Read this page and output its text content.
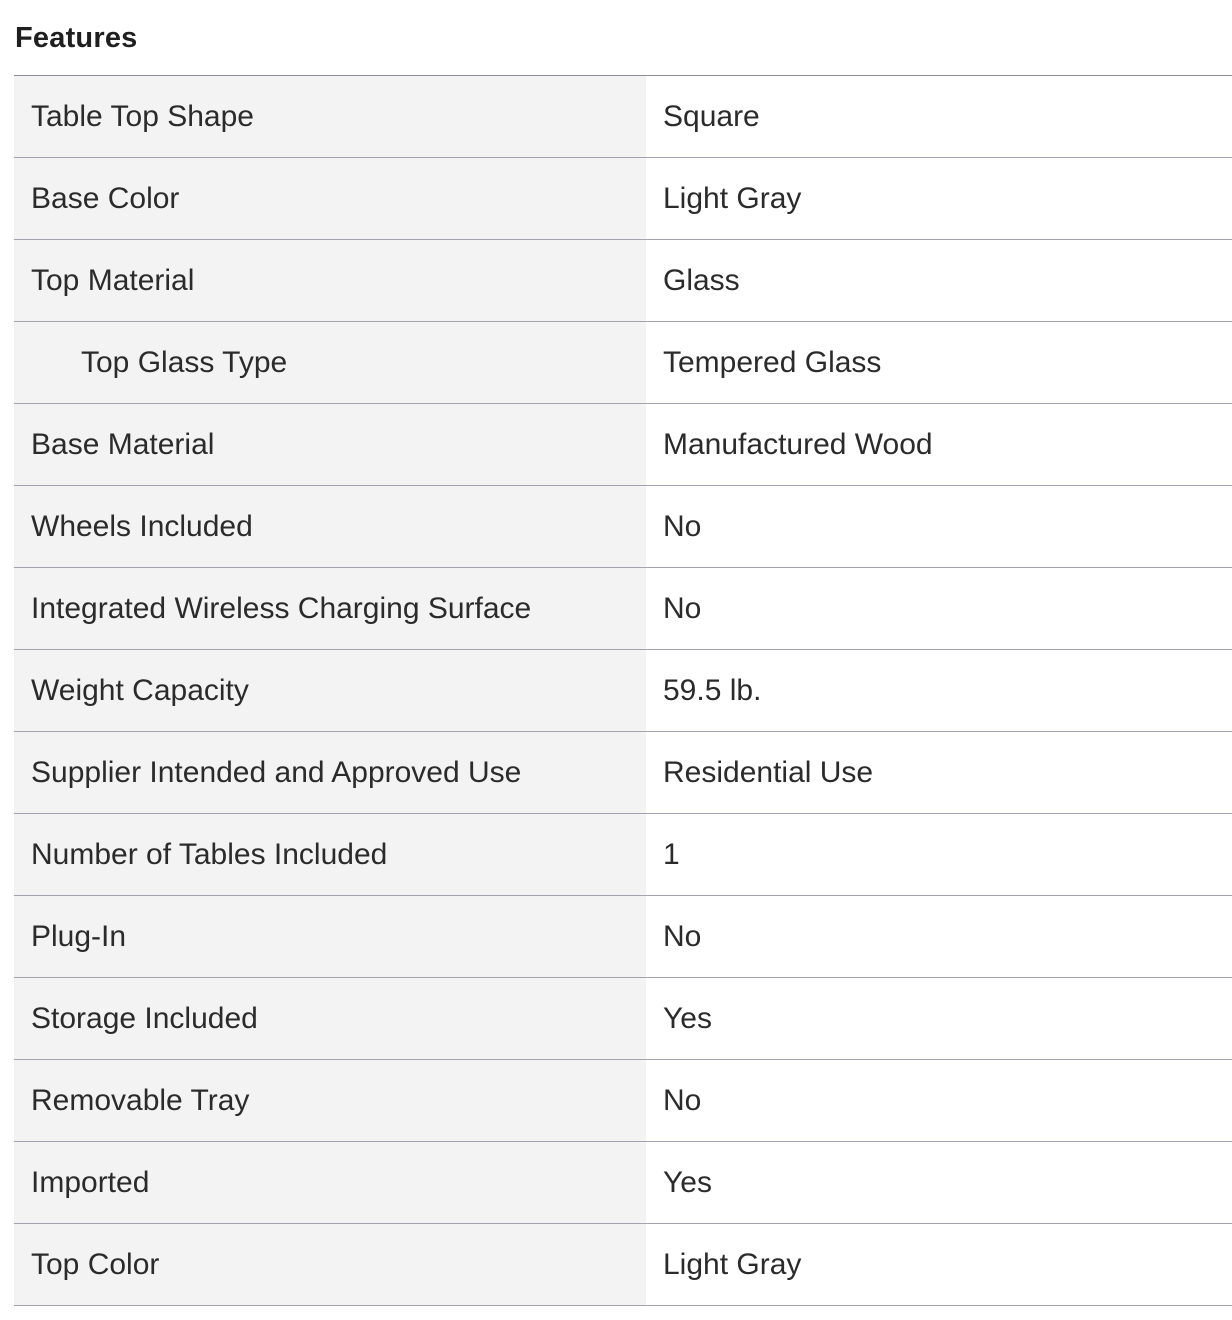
Features
Table Top Shape	Square
Base Color	Light Gray
Top Material	Glass
Top Glass Type	Tempered Glass
Base Material	Manufactured Wood
Wheels Included	No
Integrated Wireless Charging Surface	No
Weight Capacity	59.5 lb.
Supplier Intended and Approved Use	Residential Use
Number of Tables Included	1
Plug-In	No
Storage Included	Yes
Removable Tray	No
Imported	Yes
Top Color	Light Gray
